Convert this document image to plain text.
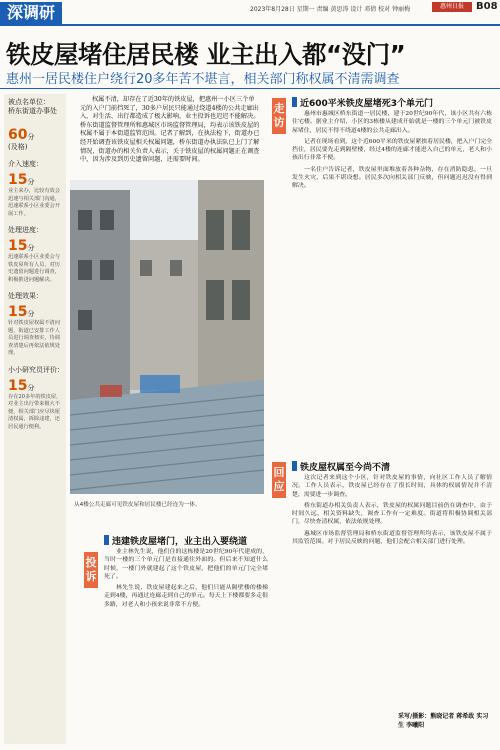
深调研	2023年8月28日 星期一 责编 黄思涛 设计 邓倩 校对 钟丽梅	惠州日报	B08
铁皮屋堵住居民楼 业主出入都“没门”
惠州一居民楼住户绕行20多年苦不堪言，相关部门称权属不清需调查
被点名单位：
桥东街道办事处
60分
(及格)
介入速度：
15分
业主来办，比较有效会迅速与相关部门沟通，迅速联系小区业委会开展工作。
处理进度：
15分
迅速联系小区业委会与铁皮屋所有人员，对历史遗留问题进行调查，积极推进问题解决。
处理效果：
15分
针对铁皮屋权属不清问题，街道已安排工作人员进行调查核实，待调查清楚后再依法依规处理。
小小研究员评价：
15分
存在20多年的铁皮屋，对业主出行带来极大不便，相关部门应尽快厘清权属，拆除违建，还居民通行便利。
权属不清，却存在了近30年的铁皮屋，把惠州一小区三个单元的入户门前挡死了，30多户居民只能通过绕道4楼的公共走廊出入，对生活、出行都造成了极大影响，业主投诉也迟迟不能解决。桥东街道监督管理所和惠城区市场监督管理局，均表示该铁皮屋的权属不属于本街道监管范围。记者了解到，在执法检下，街道办已经开始调查该铁皮屋相关权属问题，桥东街道办执法队已上门了解情况，街道办的相关负责人表示，关于铁皮屋的权属问题正在调查中，因为涉及到历史遗留问题，还需要时间。
从4楼公共走廊可见铁皮屋和居民楼已经连为一体。
走访
近600平米铁皮屋堵死3个单元门

惠州市惠城区桥东街道一居民楼，建于20世纪90年代，该小区共有六栋住宅楼。据业主介绍，小区的3栋楼从建成开始就是一楼的三个单元门被铁皮屋堵住，居民不得不绕道4楼的公共走廊出入。

记者在现场看到，这个近600平米的铁皮屋紧挨着居民楼，把入户门完全挡住，居民要先走到隔壁楼，经过4楼的连廊才能进入自己的单元，老人和小孩出行非常不便。

一名住户告诉记者，铁皮屋里面堆放着各种杂物，存在消防隐患，一旦发生火灾，后果不堪设想。居民多次向相关部门反映，但问题迟迟没有得到解决。

回应
铁皮屋权属至今尚不清

这次记者来到这个小区，针对铁皮屋的事情，向社区工作人员了解情况。工作人员表示，铁皮屋已经存在了很长时间，具体的权属情况并不清楚，需要进一步调查。

桥东街道办相关负责人表示，铁皮屋的权属问题目前仍在调查中，由于时间久远，相关资料缺失，调查工作有一定难度。街道将积极协调相关部门，尽快查清权属，依法依规处理。

惠城区市场监督管理局和桥东街道监督管理所均表示，该铁皮屋不属于其监管范围。对于居民反映的问题，他们会配合相关部门进行处理。

投诉
违建铁皮屋堵门，业主出入要绕道

业主林先生说，他们住的这栋楼是20世纪90年代建成的，当时一楼的三个单元门是直接通往外面的。但后来不知道什么时候，一楼门外就建起了这个铁皮屋，把他们的单元门完全堵死了。

林先生说，铁皮屋建起来之后，他们只能从隔壁楼的楼梯走到4楼，再通过连廊走到自己的单元。每天上下楼都要多走很多路，对老人和小孩来说非常不方便。

采写/摄影：熊晓记者 蒋希政 实习生 李曦阳
